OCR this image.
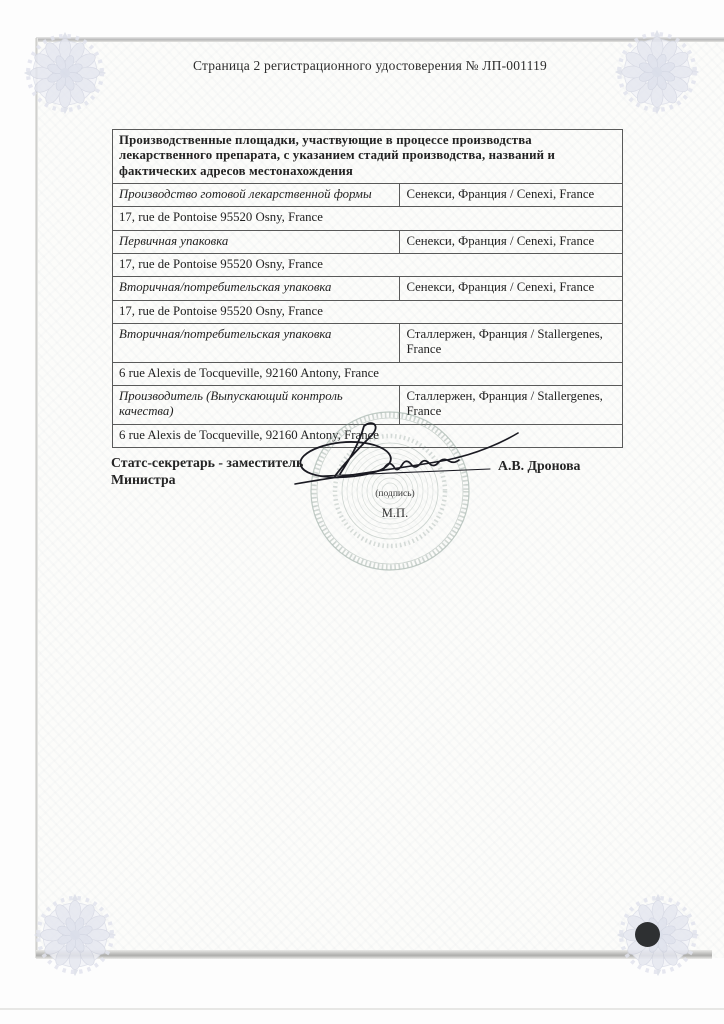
Страница 2 регистрационного удостоверения № ЛП-001119
Производственные площадки, участвующие в процессе производства лекарственного препарата, с указанием стадий производства, названий и фактических адресов местонахождения	
Производство готовой лекарственной формы	Сенекси, Франция / Cenexi, France
17, rue de Pontoise 95520 Osny, France	
Первичная упаковка	Сенекси, Франция / Cenexi, France
17, rue de Pontoise 95520 Osny, France	
Вторичная/потребительская упаковка	Сенекси, Франция / Cenexi, France
17, rue de Pontoise 95520 Osny, France	
Вторичная/потребительская упаковка	Сталлержен, Франция / Stallergenes, France
6 rue Alexis de Tocqueville, 92160 Antony, France	
Производитель (Выпускающий контроль качества)	Сталлержен, Франция / Stallergenes, France
6 rue Alexis de Tocqueville, 92160 Antony, France	
Статс-секретарь - заместитель Министра
А.В. Дронова
(подпись)
М.П.
